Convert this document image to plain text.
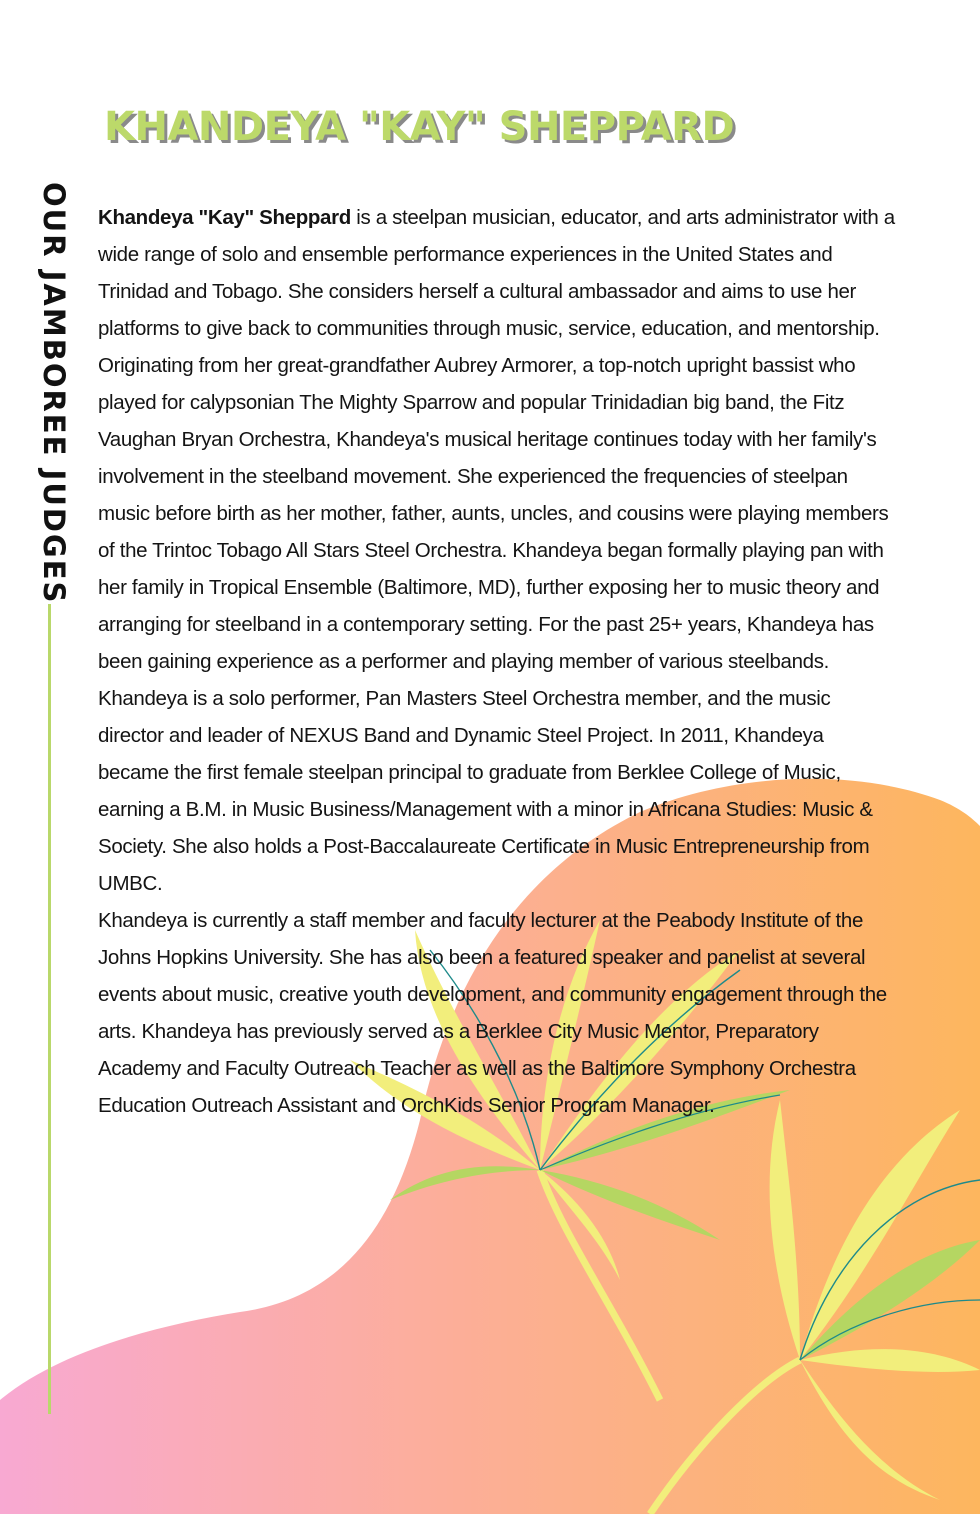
KHANDEYA "KAY" SHEPPARD
OUR JAMBOREE JUDGES Khandeya "Kay" Sheppard is a steelpan musician, educator, and arts administrator with a wide range of solo and ensemble performance experiences in the United States and Trinidad and Tobago. She considers herself a cultural ambassador and aims to use her platforms to give back to communities through music, service, education, and mentorship.

Originating from her great-grandfather Aubrey Armorer, a top-notch upright bassist who played for calypsonian The Mighty Sparrow and popular Trinidadian big band, the Fitz Vaughan Bryan Orchestra, Khandeya's musical heritage continues today with her family's involvement in the steelband movement. She experienced the frequencies of steelpan music before birth as her mother, father, aunts, uncles, and cousins were playing members of the Trintoc Tobago All Stars Steel Orchestra. Khandeya began formally playing pan with her family in Tropical Ensemble (Baltimore, MD), further exposing her to music theory and arranging for steelband in a contemporary setting. For the past 25+ years, Khandeya has been gaining experience as a performer and playing member of various steelbands.

Khandeya is a solo performer, Pan Masters Steel Orchestra member, and the music director and leader of NEXUS Band and Dynamic Steel Project. In 2011, Khandeya became the first female steelpan principal to graduate from Berklee College of Music, earning a B.M. in Music Business/Management with a minor in Africana Studies: Music & Society. She also holds a Post-Baccalaureate Certificate in Music Entrepreneurship from UMBC.

Khandeya is currently a staff member and faculty lecturer at the Peabody Institute of the Johns Hopkins University. She has also been a featured speaker and panelist at several events about music, creative youth development, and community engagement through the arts. Khandeya has previously served as a Berklee City Music Mentor, Preparatory Academy and Faculty Outreach Teacher as well as the Baltimore Symphony Orchestra Education Outreach Assistant and OrchKids Senior Program Manager.
